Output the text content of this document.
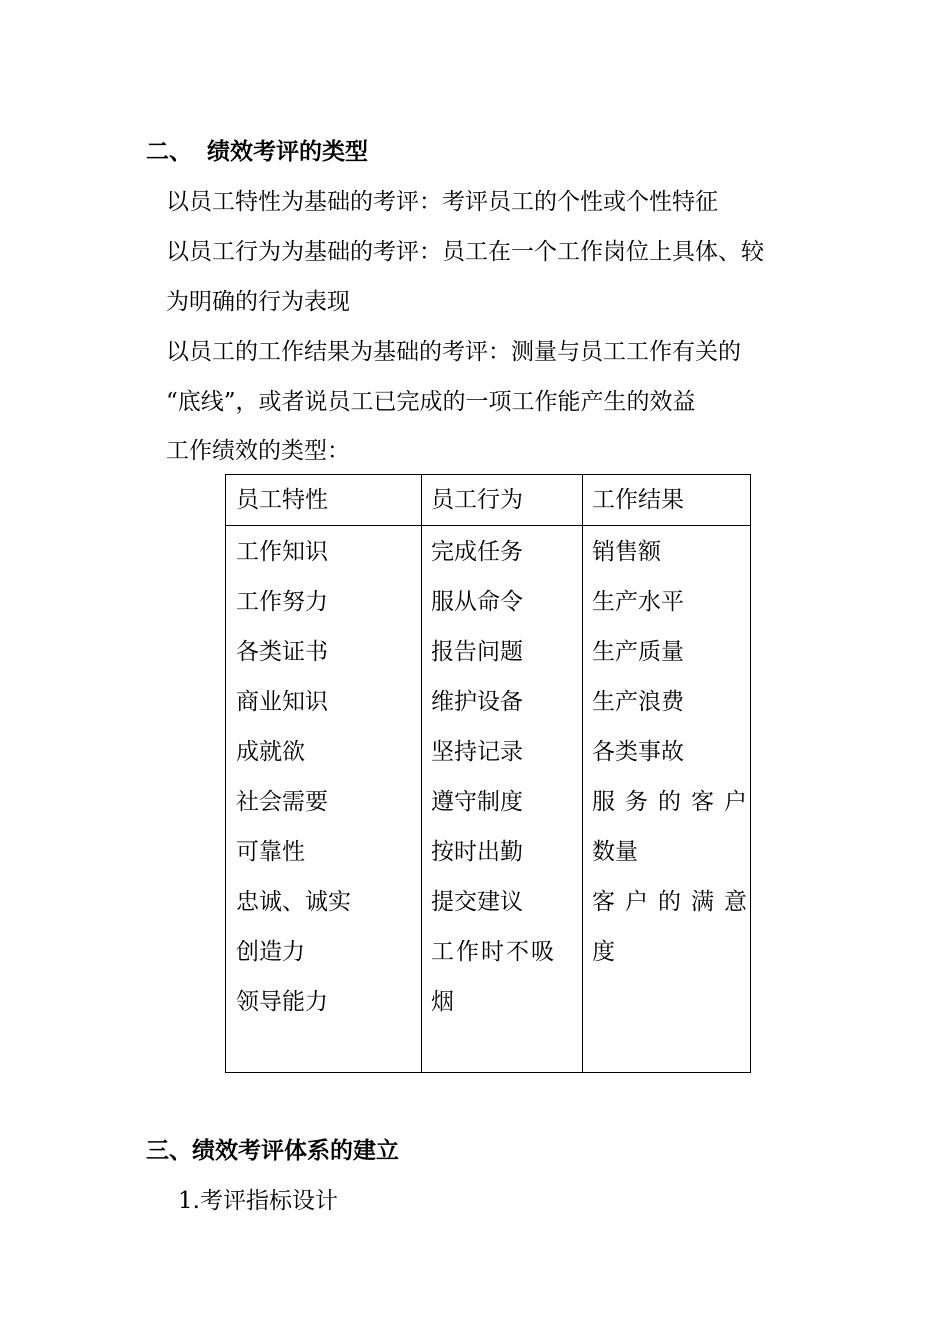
二、 绩效考评的类型
以员工特性为基础的考评：考评员工的个性或个性特征
以员工行为为基础的考评：员工在一个工作岗位上具体、较
为明确的行为表现
以员工的工作结果为基础的考评：测量与员工工作有关的
“底线”，或者说员工已完成的一项工作能产生的效益
工作绩效的类型：
员工特性	员工行为	工作结果
工作知识
工作努力
各类证书
商业知识
成就欲
社会需要
可靠性
忠诚、诚实
创造力
领导能力
完成任务
服从命令
报告问题
维护设备
坚持记录
遵守制度
按时出勤
提交建议
工作时不吸
烟
销售额
生产水平
生产质量
生产浪费
各类事故
服务的客户
数量
客户的满意
度
三、绩效考评体系的建立
1.考评指标设计
